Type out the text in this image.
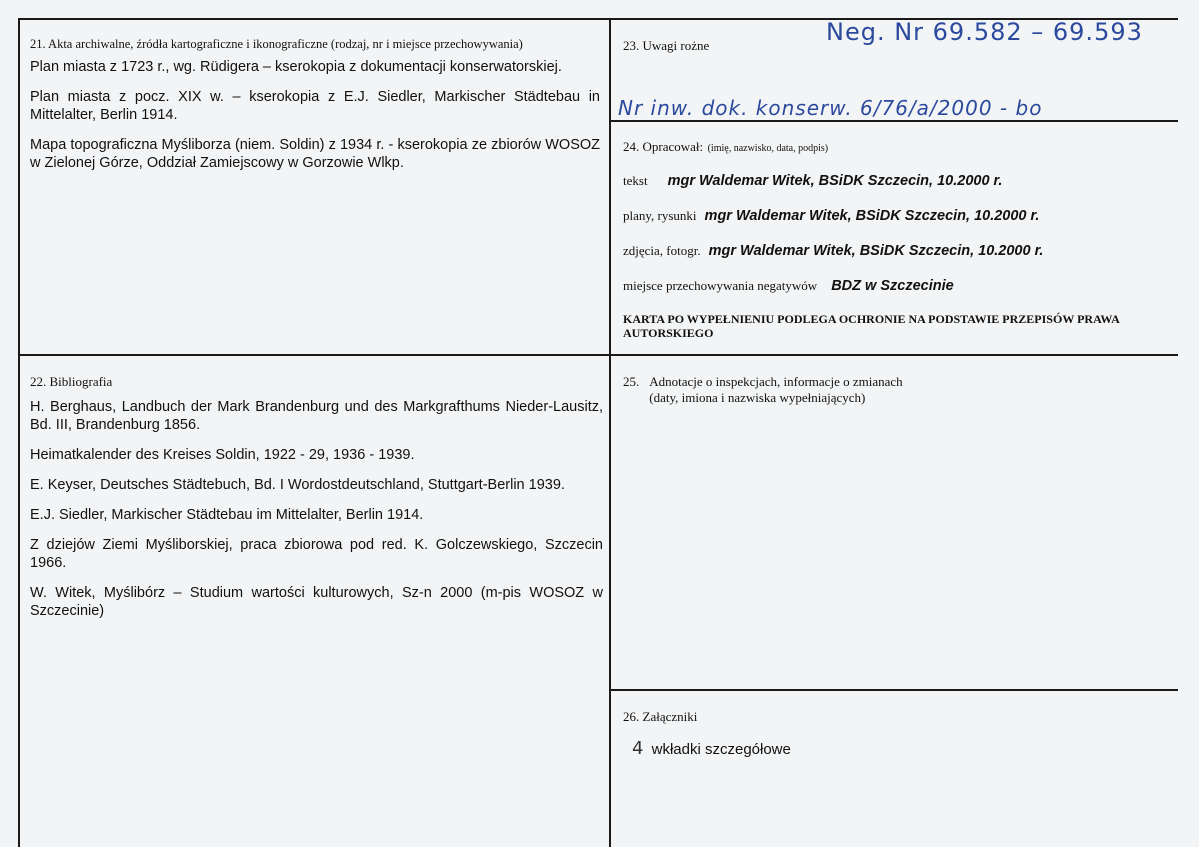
21. Akta archiwalne, źródła kartograficzne i ikonograficzne (rodzaj, nr i miejsce przechowywania)

Plan miasta z 1723 r., wg. Rüdigera – kserokopia z dokumentacji konserwatorskiej.

Plan miasta z pocz. XIX w. – kserokopia z E.J. Siedler, Markischer Städtebau in Mittelalter, Berlin 1914.

Mapa topograficzna Myśliborza (niem. Soldin) z 1934 r. - kserokopia ze zbiorów WOSOZ w Zielonej Górze, Oddział Zamiejscowy w Gorzowie Wlkp.

22. Bibliografia

H. Berghaus, Landbuch der Mark Brandenburg und des Markgrafthums Nieder-Lausitz, Bd. III, Brandenburg 1856.

Heimatkalender des Kreises Soldin, 1922 - 29, 1936 - 1939.

E. Keyser, Deutsches Städtebuch, Bd. I Wordostdeutschland, Stuttgart-Berlin 1939.

E.J. Siedler, Markischer Städtebau im Mittelalter, Berlin 1914.

Z dziejów Ziemi Myśliborskiej, praca zbiorowa pod red. K. Golczewskiego, Szczecin 1966.

W. Witek, Myślibórz – Studium wartości kulturowych, Sz-n 2000 (m-pis WOSOZ w Szczecinie)

23. Uwagi rożne	Neg. Nr 69.582 – 69.593
Nr inw. dok. konserw. 6/76/a/2000 - bo
24. Opracował: (imię, nazwisko, data, podpis)
tekst mgr Waldemar Witek, BSiDK Szczecin, 10.2000 r.
plany, rysunki mgr Waldemar Witek, BSiDK Szczecin, 10.2000 r.
zdjęcia, fotogr. mgr Waldemar Witek, BSiDK Szczecin, 10.2000 r.
miejsce przechowywania negatywów BDZ w Szczecinie
KARTA PO WYPEŁNIENIU PODLEGA OCHRONIE NA PODSTAWIE PRZEPISÓW PRAWA AUTORSKIEGO
25. Adnotacje o inspekcjach, informacje o zmianach
(daty, imiona i nazwiska wypełniających)
26. Załączniki
4 wkładki szczegółowe
